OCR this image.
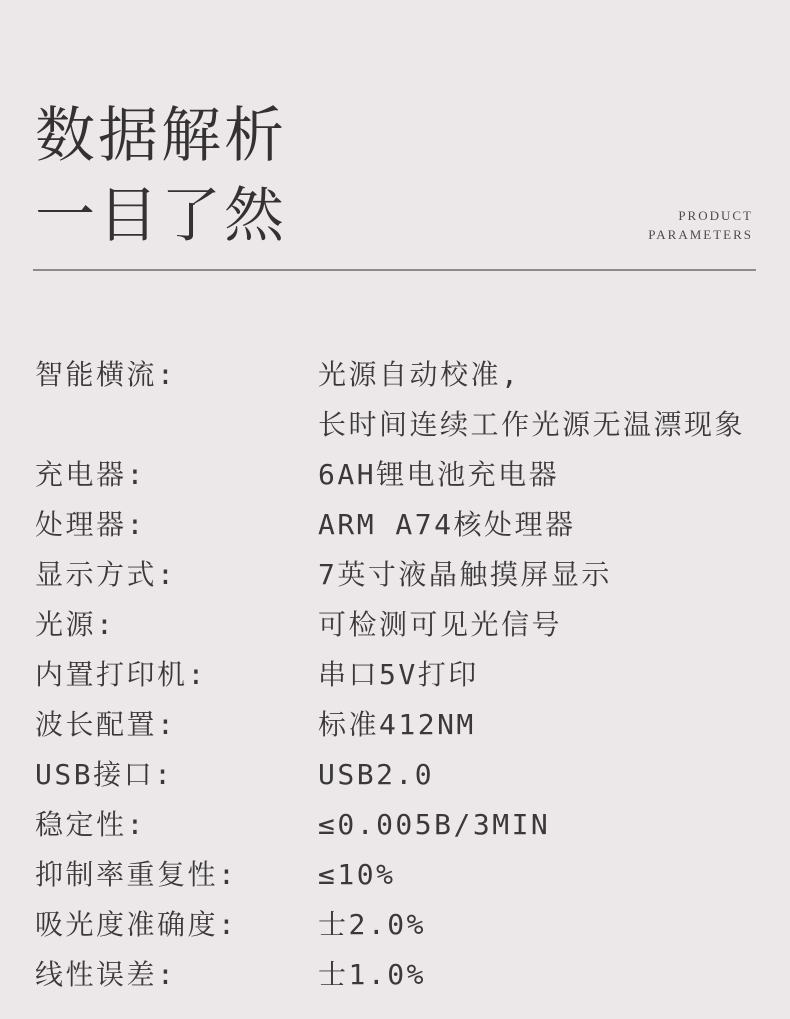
数据解析
一目了然	PRODUCT
PARAMETERS
智能横流:	光源自动校准,
长时间连续工作光源无温漂现象
充电器:	6AH锂电池充电器
处理器:	ARM A74核处理器
显示方式:	7英寸液晶触摸屏显示
光源:	可检测可见光信号
内置打印机:	串口5V打印
波长配置:	标准412NM
USB接口:	USB2.0
稳定性:	≤0.005B/3MIN
抑制率重复性:	≤10%
吸光度准确度:	士2.0%
线性误差:	士1.0%
